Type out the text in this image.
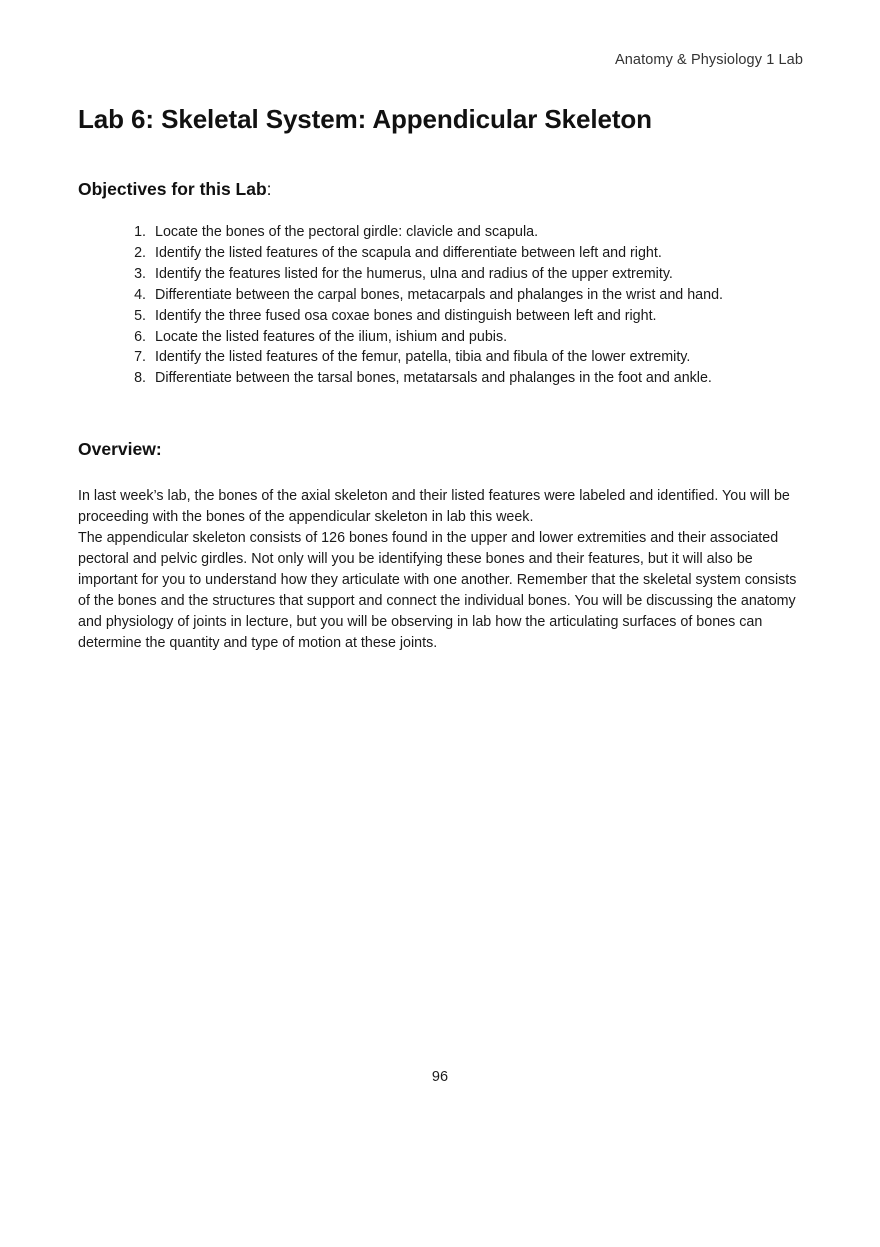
Anatomy & Physiology 1 Lab
Lab 6: Skeletal System: Appendicular Skeleton
Objectives for this Lab:
1. Locate the bones of the pectoral girdle: clavicle and scapula.
2. Identify the listed features of the scapula and differentiate between left and right.
3. Identify the features listed for the humerus, ulna and radius of the upper extremity.
4. Differentiate between the carpal bones, metacarpals and phalanges in the wrist and hand.
5. Identify the three fused osa coxae bones and distinguish between left and right.
6. Locate the listed features of the ilium, ishium and pubis.
7. Identify the listed features of the femur, patella, tibia and fibula of the lower extremity.
8. Differentiate between the tarsal bones, metatarsals and phalanges in the foot and ankle.
Overview:

In last week’s lab, the bones of the axial skeleton and their listed features were labeled and identified. You will be proceeding with the bones of the appendicular skeleton in lab this week.

The appendicular skeleton consists of 126 bones found in the upper and lower extremities and their associated pectoral and pelvic girdles. Not only will you be identifying these bones and their features, but it will also be important for you to understand how they articulate with one another. Remember that the skeletal system consists of the bones and the structures that support and connect the individual bones. You will be discussing the anatomy and physiology of joints in lecture, but you will be observing in lab how the articulating surfaces of bones can determine the quantity and type of motion at these joints.

96
